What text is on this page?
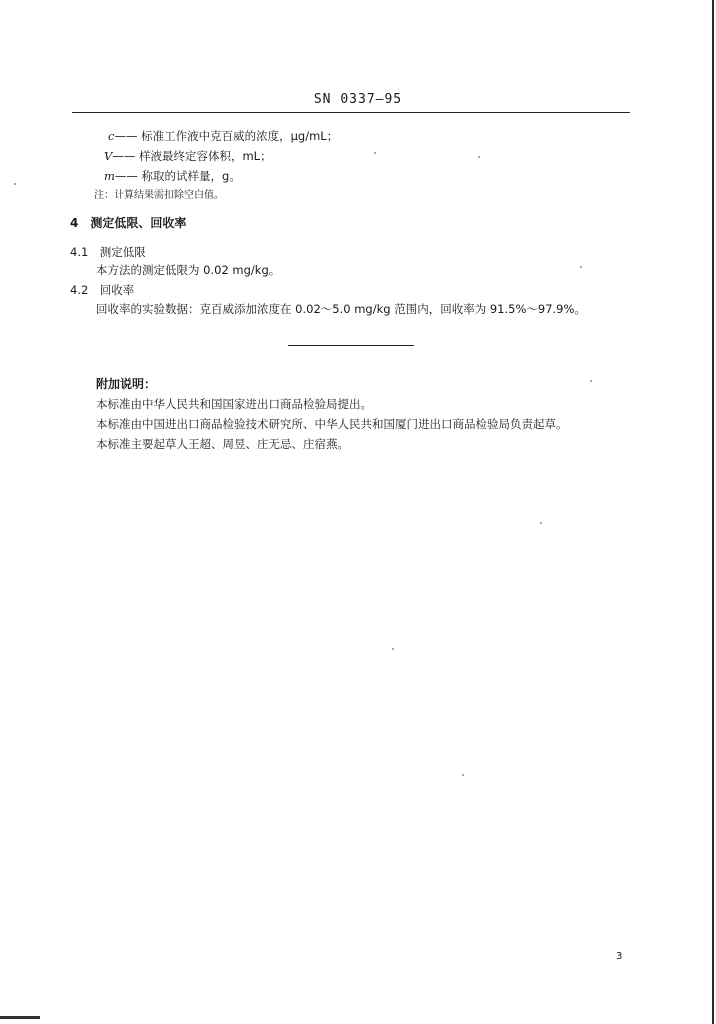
SN 0337—95
c—— 标准工作液中克百威的浓度，μg/mL；
V—— 样液最终定容体积，mL；
m—— 称取的试样量，g。
注：计算结果需扣除空白值。
4　测定低限、回收率
4.1　测定低限
本方法的测定低限为 0.02 mg/kg。
4.2　回收率
回收率的实验数据：克百威添加浓度在 0.02～5.0 mg/kg 范围内，回收率为 91.5%～97.9%。
附加说明：
本标准由中华人民共和国国家进出口商品检验局提出。
本标准由中国进出口商品检验技术研究所、中华人民共和国厦门进出口商品检验局负责起草。
本标准主要起草人王超、周昱、庄无忌、庄宿燕。
3
